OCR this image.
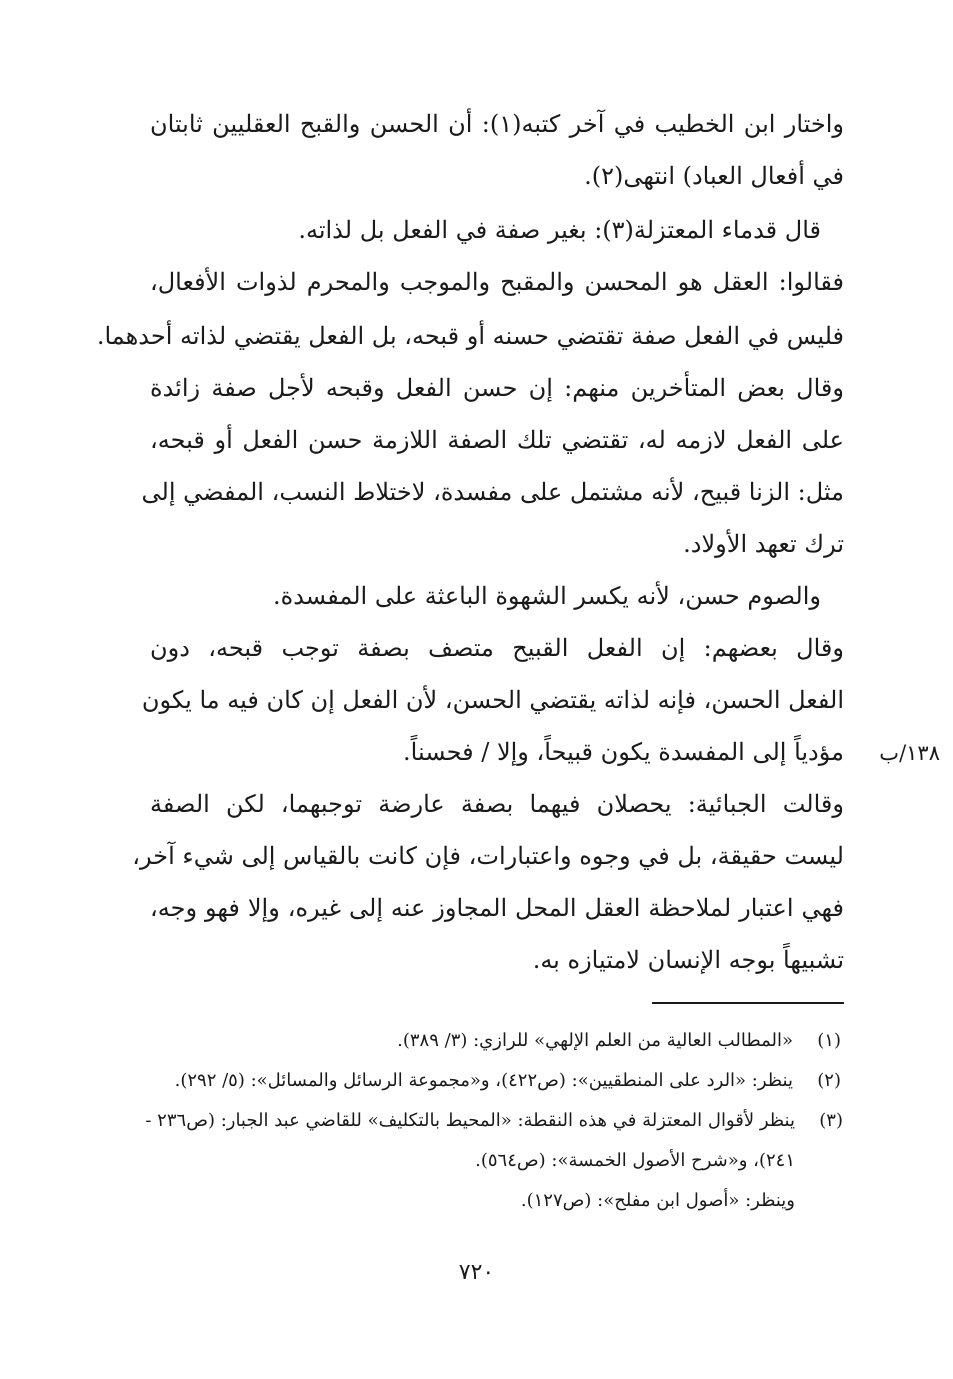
واختار ابن الخطيب في آخر كتبه(١): أن الحسن والقبح العقليين ثابتان
في أفعال العباد) انتهى(٢).
قال قدماء المعتزلة(٣): بغير صفة في الفعل بل لذاته.
فقالوا: العقل هو المحسن والمقبح والموجب والمحرم لذوات الأفعال،
فليس في الفعل صفة تقتضي حسنه أو قبحه، بل الفعل يقتضي لذاته أحدهما.
وقال بعض المتأخرين منهم: إن حسن الفعل وقبحه لأجل صفة زائدة
على الفعل لازمه له، تقتضي تلك الصفة اللازمة حسن الفعل أو قبحه،
مثل: الزنا قبيح، لأنه مشتمل على مفسدة، لاختلاط النسب، المفضي إلى
ترك تعهد الأولاد.
والصوم حسن، لأنه يكسر الشهوة الباعثة على المفسدة.
وقال بعضهم: إن الفعل القبيح متصف بصفة توجب قبحه، دون
الفعل الحسن، فإنه لذاته يقتضي الحسن، لأن الفعل إن كان فيه ما يكون
مؤدياً إلى المفسدة يكون قبيحاً، وإلا / فحسناً.
وقالت الجبائية: يحصلان فيهما بصفة عارضة توجبهما، لكن الصفة
ليست حقيقة، بل في وجوه واعتبارات، فإن كانت بالقياس إلى شيء آخر،
فهي اعتبار لملاحظة العقل المحل المجاوز عنه إلى غيره، وإلا فهو وجه،
تشبيهاً بوجه الإنسان لامتيازه به.
١٣٨/ب
(١)«المطالب العالية من العلم الإلهي» للرازي: (٣/ ٣٨٩).
(٢)ينظر: «الرد على المنطقيين»: (ص٤٢٢)، و«مجموعة الرسائل والمسائل»: (٥/ ٢٩٢).
(٣)ينظر لأقوال المعتزلة في هذه النقطة: «المحيط بالتكليف» للقاضي عبد الجبار: (ص٢٣٦ -
٢٤١)، و«شرح الأصول الخمسة»: (ص٥٦٤).
وينظر: «أصول ابن مفلح»: (ص١٢٧).
٧٢٠
